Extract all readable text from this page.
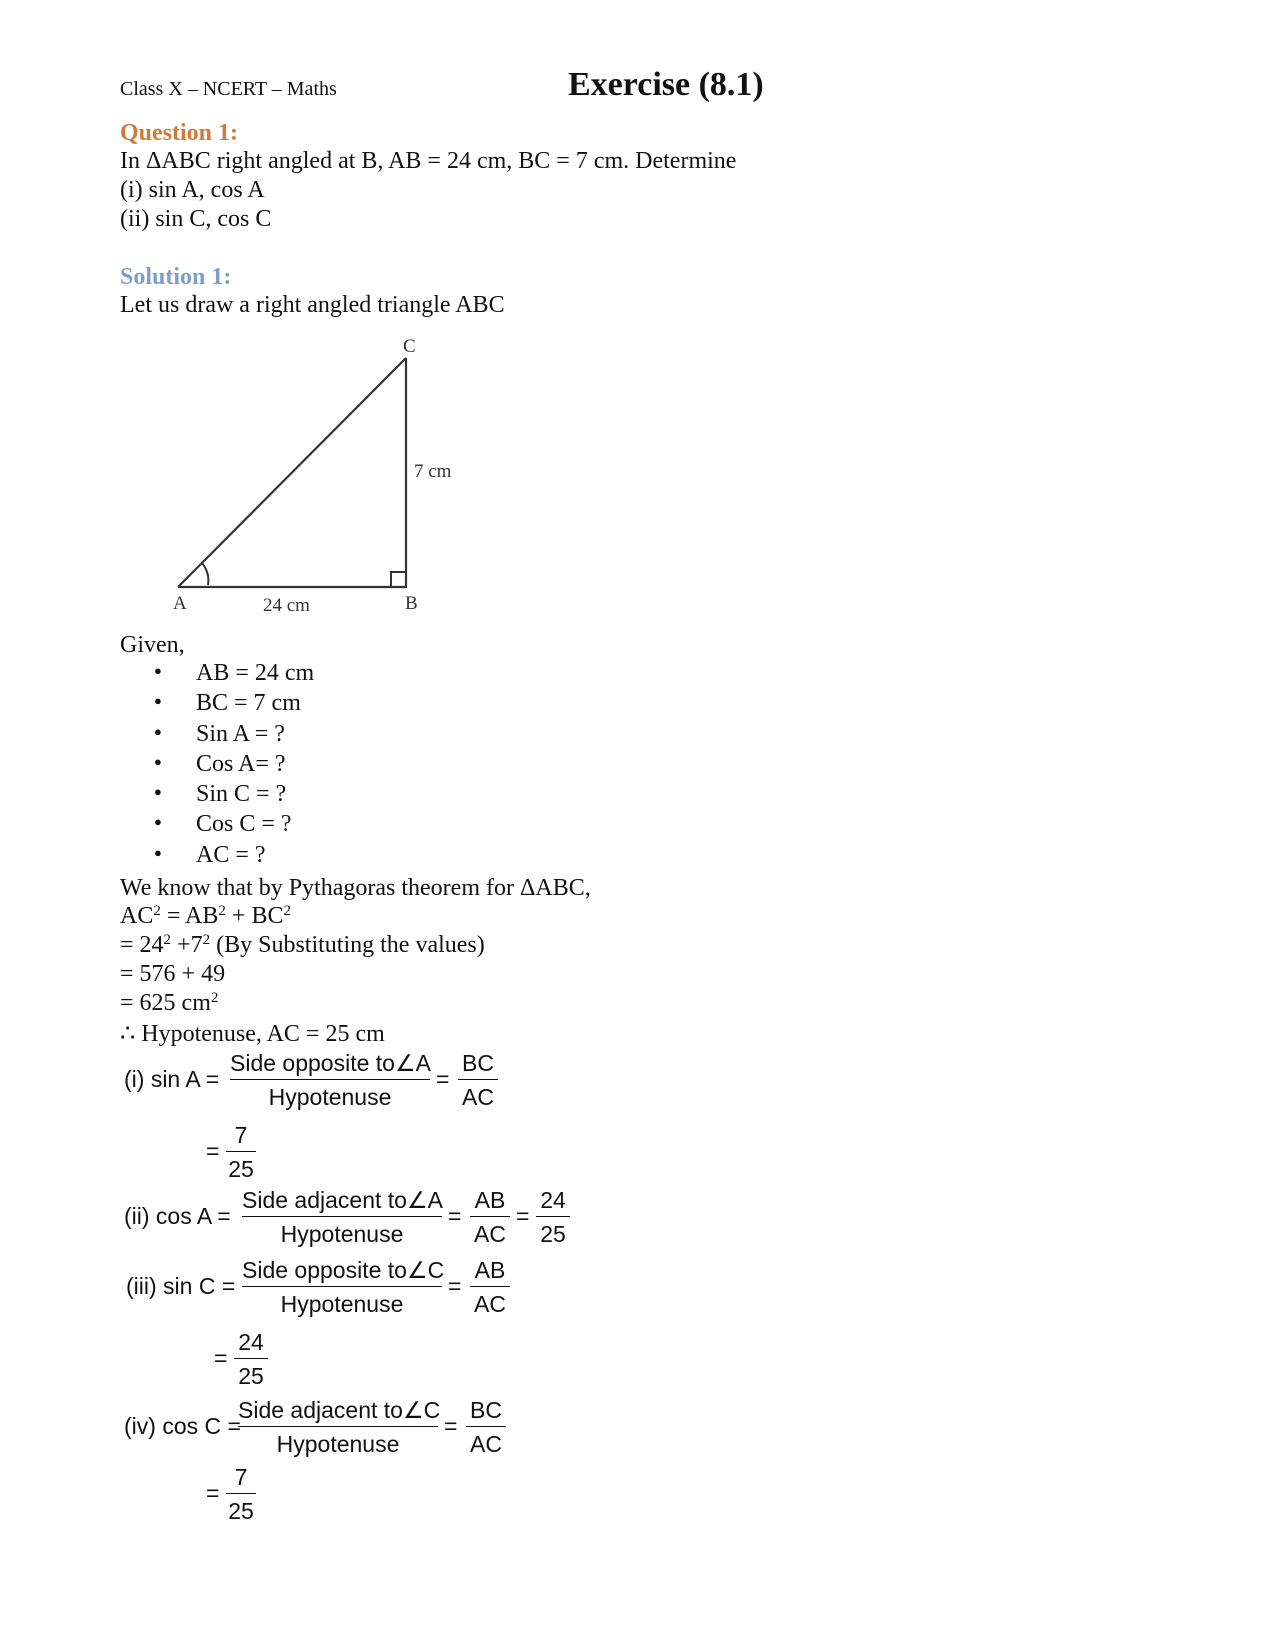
Class X – NCERT – Maths	Exercise (8.1)
Question 1:
In ΔABC right angled at B, AB = 24 cm, BC = 7 cm. Determine
(i) sin A, cos A
(ii) sin C, cos C
Solution 1:
Let us draw a right angled triangle ABC
A	B
C
24 cm
7 cm
Given,
● AB = 24 cm
● BC = 7 cm
● Sin A = ?
● Cos A= ?
● Sin C = ?
● Cos C = ?
● AC = ?
We know that by Pythagoras theorem for ΔABC,
$AC^2 = AB^2 + BC^2$
= $24^2 +7^2$ (By Substituting the values)
= 576 + 49
= 625 $cm^2$
∴ Hypotenuse, AC = 25 cm
(i) sin A =
Side opposite to∠A
Hypotenuse
=
BC
AC
=
7
25
(ii) cos A =
Side adjacent to∠A
Hypotenuse
=
AB
AC
=
24
25
(iii) sin C =
Side opposite to∠C
Hypotenuse
=
AB
AC
=
24
25
(iv) cos C =
Side adjacent to∠C
Hypotenuse
=
BC
AC
=
7
25
